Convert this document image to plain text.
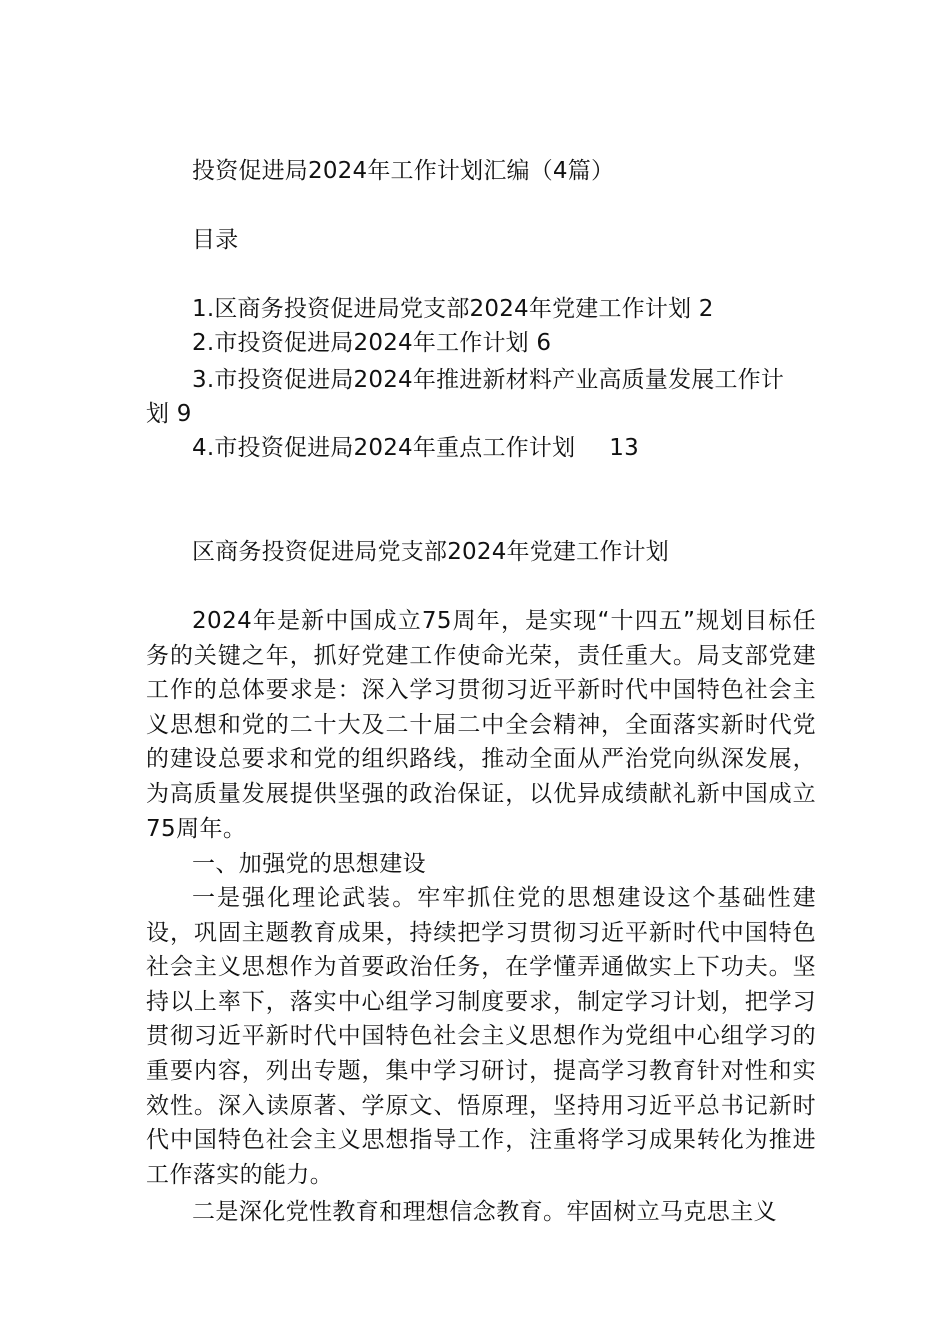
投资促进局2024年工作计划汇编（4篇）
目录
1.区商务投资促进局党支部2024年党建工作计划 2
2.市投资促进局2024年工作计划 6
3.市投资促进局2024年推进新材料产业高质量发展工作计
划 9
4.市投资促进局2024年重点工作计划 13
区商务投资促进局党支部2024年党建工作计划
2024年是新中国成立75周年，是实现“十四五”规划目标任务的关键之年，抓好党建工作使命光荣，责任重大。局支部党建工作的总体要求是：深入学习贯彻习近平新时代中国特色社会主义思想和党的二十大及二十届二中全会精神，全面落实新时代党的建设总要求和党的组织路线，推动全面从严治党向纵深发展，为高质量发展提供坚强的政治保证，以优异成绩献礼新中国成立75周年。
一、加强党的思想建设
一是强化理论武装。牢牢抓住党的思想建设这个基础性建设，巩固主题教育成果，持续把学习贯彻习近平新时代中国特色社会主义思想作为首要政治任务，在学懂弄通做实上下功夫。坚持以上率下，落实中心组学习制度要求，制定学习计划，把学习贯彻习近平新时代中国特色社会主义思想作为党组中心组学习的重要内容，列出专题，集中学习研讨，提高学习教育针对性和实效性。深入读原著、学原文、悟原理，坚持用习近平总书记新时代中国特色社会主义思想指导工作，注重将学习成果转化为推进工作落实的能力。
二是深化党性教育和理想信念教育。牢固树立马克思主义
